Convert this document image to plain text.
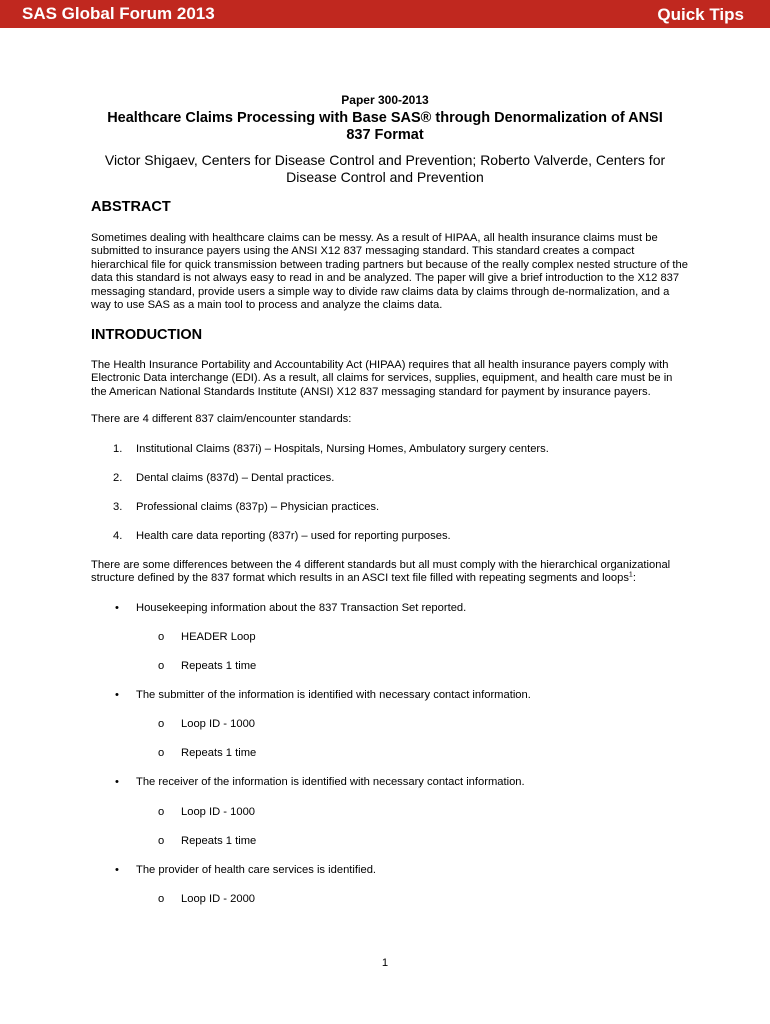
SAS Global Forum 2013	Quick Tips
Paper 300-2013
Healthcare Claims Processing with Base SAS® through Denormalization of ANSI 837 Format
Victor Shigaev, Centers for Disease Control and Prevention; Roberto Valverde, Centers for Disease Control and Prevention
ABSTRACT
Sometimes dealing with healthcare claims can be messy. As a result of HIPAA, all health insurance claims must be submitted to insurance payers using the ANSI X12 837 messaging standard. This standard creates a compact hierarchical file for quick transmission between trading partners but because of the really complex nested structure of the data this standard is not always easy to read in and be analyzed. The paper will give a brief introduction to the X12 837 messaging standard, provide users a simple way to divide raw claims data by claims through de-normalization, and a way to use SAS as a main tool to process and analyze the claims data.
INTRODUCTION
The Health Insurance Portability and Accountability Act (HIPAA) requires that all health insurance payers comply with Electronic Data interchange (EDI). As a result, all claims for services, supplies, equipment, and health care must be in the American National Standards Institute (ANSI) X12 837 messaging standard for payment by insurance payers.
There are 4 different 837 claim/encounter standards:
1. Institutional Claims (837i) – Hospitals, Nursing Homes, Ambulatory surgery centers.
2. Dental claims (837d) – Dental practices.
3. Professional claims (837p) – Physician practices.
4. Health care data reporting (837r) – used for reporting purposes.
There are some differences between the 4 different standards but all must comply with the hierarchical organizational structure defined by the 837 format which results in an ASCI text file filled with repeating segments and loops$^1$:
• Housekeeping information about the 837 Transaction Set reported.
o HEADER Loop
o Repeats 1 time
• The submitter of the information is identified with necessary contact information.
o Loop ID - 1000
o Repeats 1 time
• The receiver of the information is identified with necessary contact information.
o Loop ID - 1000
o Repeats 1 time
• The provider of health care services is identified.
o Loop ID - 2000
1
